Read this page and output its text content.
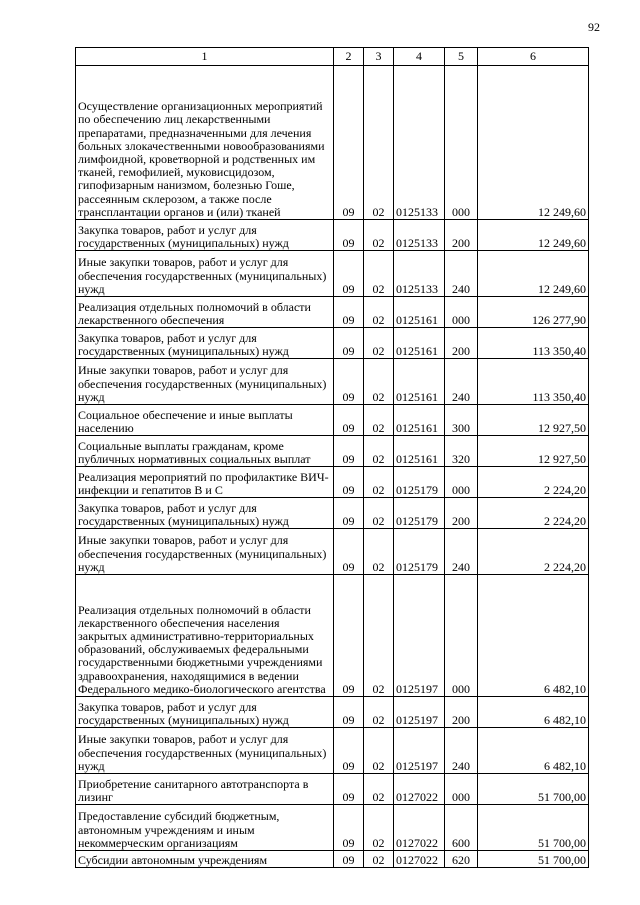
92
1	2	3	4	5	6
Осуществление организационных мероприятий по обеспечению лиц лекарственными препаратами, предназначенными для лечения больных злокачественными новообразованиями лимфоидной, кроветворной и родственных им тканей, гемофилией, муковисцидозом, гипофизарным нанизмом, болезнью Гоше, рассеянным склерозом, а также после трансплантации органов и (или) тканей	09	02	0125133	000	12 249,60
Закупка товаров, работ и услуг для государственных (муниципальных) нужд	09	02	0125133	200	12 249,60
Иные закупки товаров, работ и услуг для обеспечения государственных (муниципальных) нужд	09	02	0125133	240	12 249,60
Реализация отдельных полномочий в области лекарственного обеспечения	09	02	0125161	000	126 277,90
Закупка товаров, работ и услуг для государственных (муниципальных) нужд	09	02	0125161	200	113 350,40
Иные закупки товаров, работ и услуг для обеспечения государственных (муниципальных) нужд	09	02	0125161	240	113 350,40
Социальное обеспечение и иные выплаты населению	09	02	0125161	300	12 927,50
Социальные выплаты гражданам, кроме публичных нормативных социальных выплат	09	02	0125161	320	12 927,50
Реализация мероприятий по профилактике ВИЧ-инфекции и гепатитов В и С	09	02	0125179	000	2 224,20
Закупка товаров, работ и услуг для государственных (муниципальных) нужд	09	02	0125179	200	2 224,20
Иные закупки товаров, работ и услуг для обеспечения государственных (муниципальных) нужд	09	02	0125179	240	2 224,20
Реализация отдельных полномочий в области лекарственного обеспечения населения закрытых административно-территориальных образований, обслуживаемых федеральными государственными бюджетными учреждениями здравоохранения, находящимися в ведении Федерального медико-биологического агентства	09	02	0125197	000	6 482,10
Закупка товаров, работ и услуг для государственных (муниципальных) нужд	09	02	0125197	200	6 482,10
Иные закупки товаров, работ и услуг для обеспечения государственных (муниципальных) нужд	09	02	0125197	240	6 482,10
Приобретение санитарного автотранспорта в лизинг	09	02	0127022	000	51 700,00
Предоставление субсидий бюджетным, автономным учреждениям и иным некоммерческим организациям	09	02	0127022	600	51 700,00
Субсидии автономным учреждениям	09	02	0127022	620	51 700,00
